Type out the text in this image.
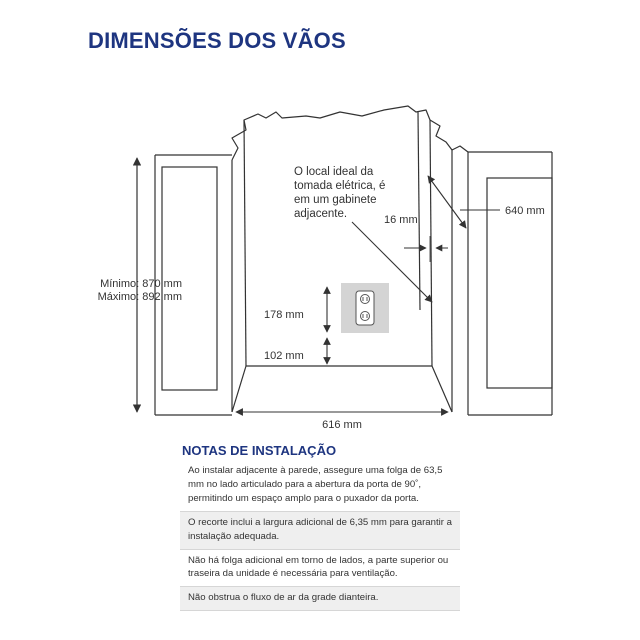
DIMENSÕES DOS VÃOS
Mínimo: 870 mm
Máximo: 892 mm
640 mm
16 mm
O local ideal da
tomada elétrica, é
em um gabinete
adjacente.
178 mm
102 mm
616 mm
NOTAS DE INSTALAÇÃO
Ao instalar adjacente à parede, assegure uma folga de 63,5 mm no lado articulado para a abertura da porta de 90˚, permitindo um espaço amplo para o puxador da porta.
O recorte inclui a largura adicional de 6,35 mm para garantir a instalação adequada.
Não há folga adicional em torno de lados, a parte superior ou traseira da unidade é necessária para ventilação.
Não obstrua o fluxo de ar da grade dianteira.
